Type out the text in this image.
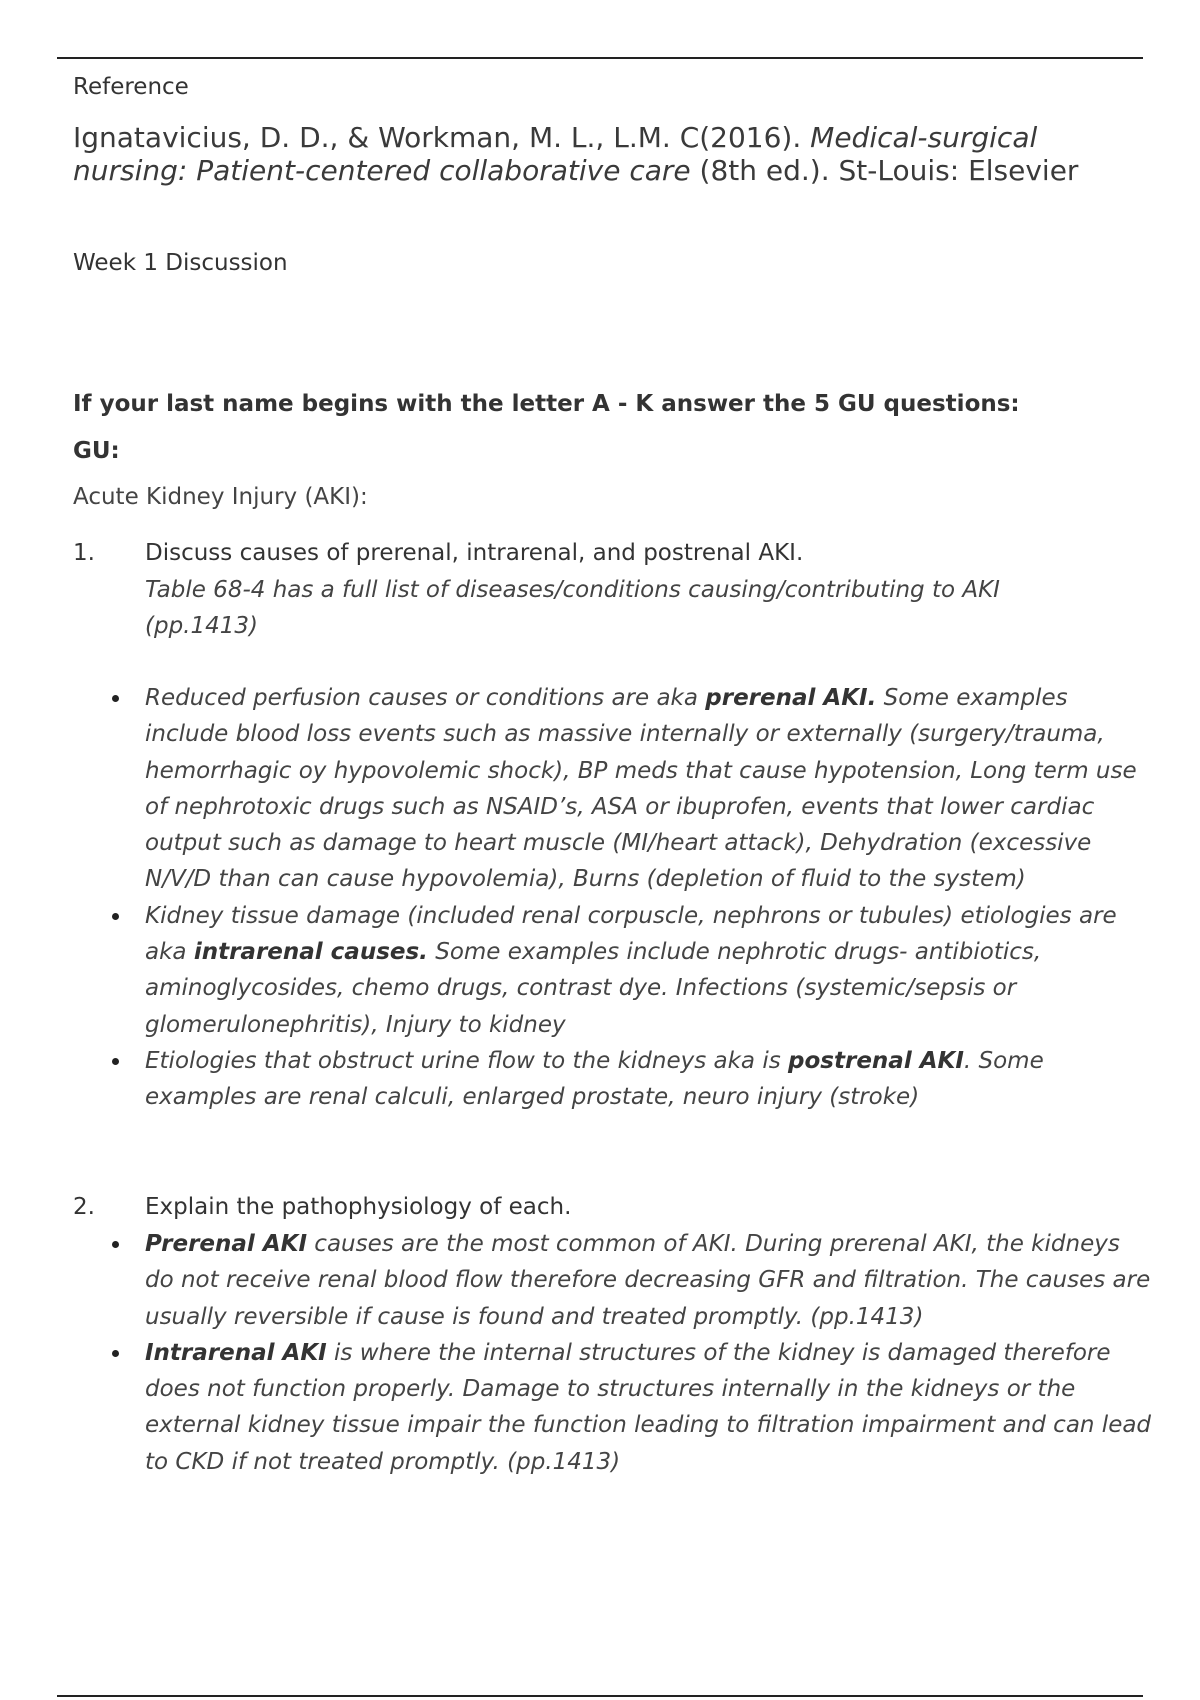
Reference
Ignatavicius, D. D., & Workman, M. L., L.M. C(2016). Medical-surgical nursing: Patient-centered collaborative care (8th ed.). St-Louis: Elsevier
Week 1 Discussion
If your last name begins with the letter A - K answer the 5 GU questions:
GU:
Acute Kidney Injury (AKI):
1. Discuss causes of prerenal, intrarenal, and postrenal AKI.
Table 68-4 has a full list of diseases/conditions causing/contributing to AKI (pp.1413)
Reduced perfusion causes or conditions are aka prerenal AKI. Some examples include blood loss events such as massive internally or externally (surgery/trauma, hemorrhagic oy hypovolemic shock), BP meds that cause hypotension, Long term use of nephrotoxic drugs such as NSAID’s, ASA or ibuprofen, events that lower cardiac output such as damage to heart muscle (MI/heart attack), Dehydration (excessive N/V/D than can cause hypovolemia), Burns (depletion of fluid to the system)
Kidney tissue damage (included renal corpuscle, nephrons or tubules) etiologies are aka intrarenal causes. Some examples include nephrotic drugs- antibiotics, aminoglycosides, chemo drugs, contrast dye. Infections (systemic/sepsis or glomerulonephritis), Injury to kidney
Etiologies that obstruct urine flow to the kidneys aka is postrenal AKI. Some examples are renal calculi, enlarged prostate, neuro injury (stroke)
2. Explain the pathophysiology of each.
Prerenal AKI causes are the most common of AKI. During prerenal AKI, the kidneys do not receive renal blood flow therefore decreasing GFR and filtration. The causes are usually reversible if cause is found and treated promptly. (pp.1413)
Intrarenal AKI is where the internal structures of the kidney is damaged therefore does not function properly. Damage to structures internally in the kidneys or the external kidney tissue impair the function leading to filtration impairment and can lead to CKD if not treated promptly. (pp.1413)
